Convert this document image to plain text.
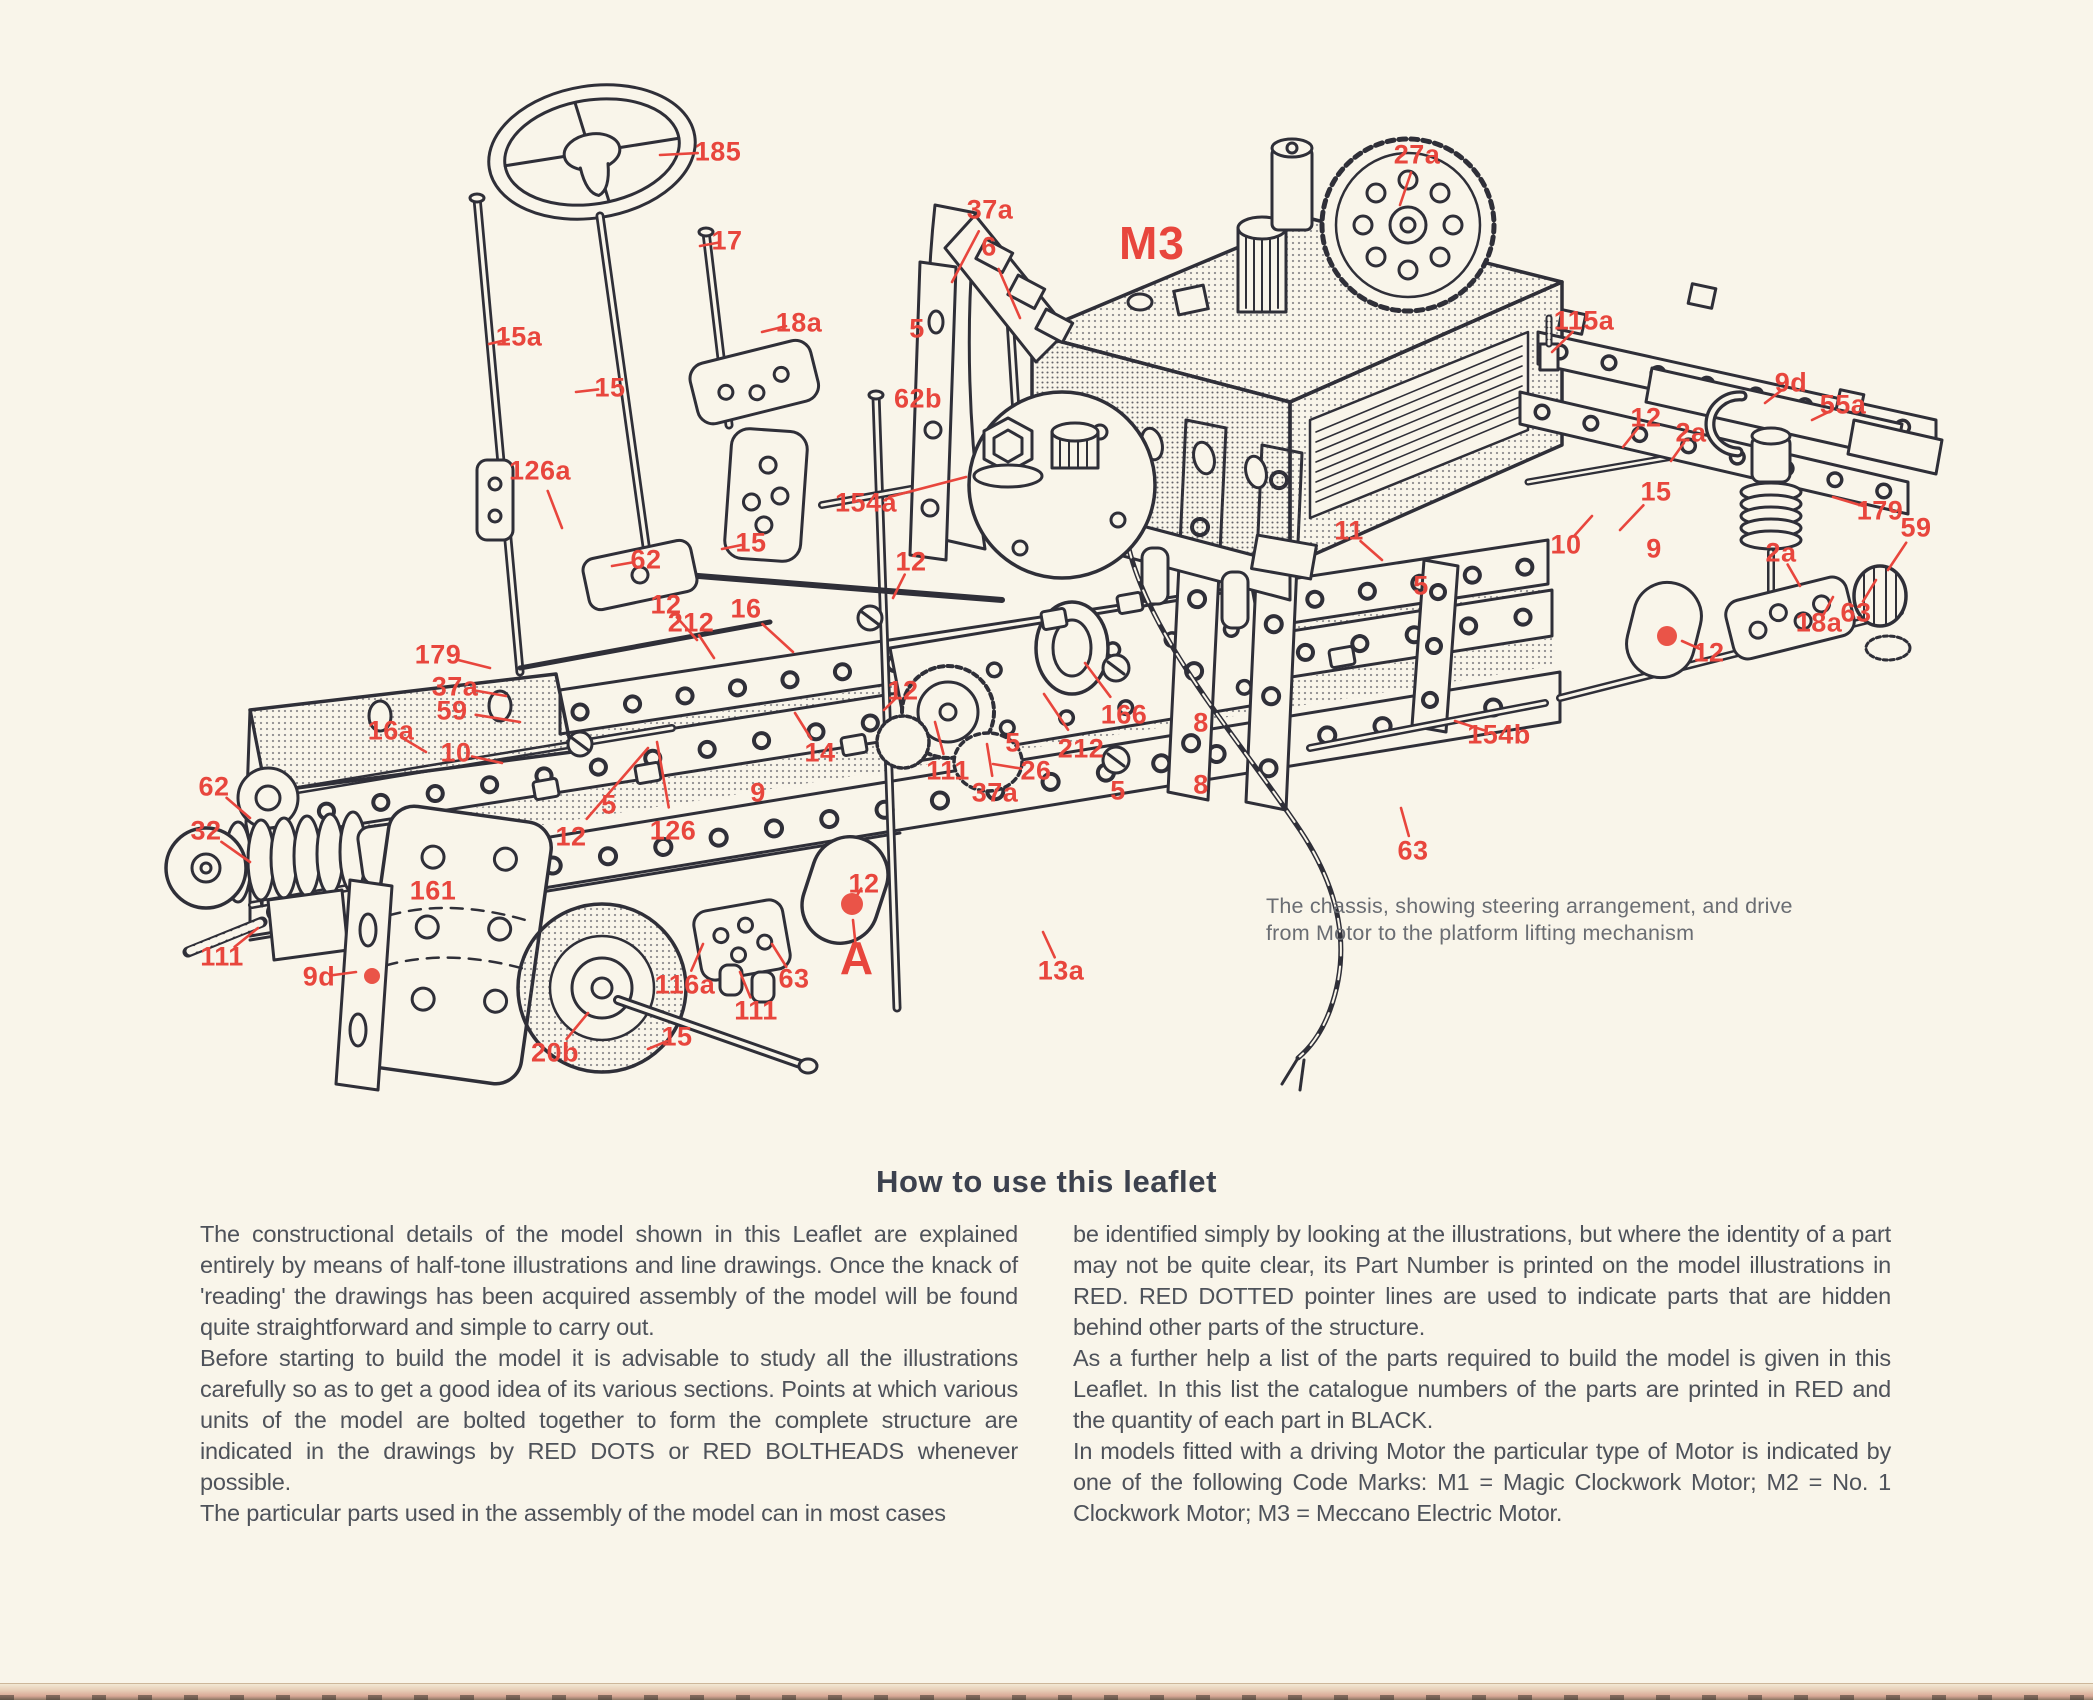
185
17
15a
15
18a
37a
6	M3
27a
5
62b
115a
9d
55a
126a
154a
62
15
12
12 2a
179
59
11	10
15
9
5
2a
18a
63
12
179
37a
59
16a
10
62
32
5
12 126
161
111
9d
14
111
37a
9
166 8
212
26
5
5 8
154b
63
13a
12
A
116a 63
111
20b
15
12
16
12
212
The chassis, showing steering arrangement, and drive from Motor to the platform lifting mechanism
How to use this leaflet

The constructional details of the model shown in this Leaflet are explained entirely by means of half-tone illustrations and line drawings. Once the knack of 'reading' the drawings has been acquired assembly of the model will be found quite straightforward and simple to carry out.

Before starting to build the model it is advisable to study all the illustrations carefully so as to get a good idea of its various sections. Points at which various units of the model are bolted together to form the complete structure are indicated in the drawings by RED DOTS or RED BOLTHEADS whenever possible.

The particular parts used in the assembly of the model can in most cases

be identified simply by looking at the illustrations, but where the identity of a part may not be quite clear, its Part Number is printed on the model illustrations in RED. RED DOTTED pointer lines are used to indicate parts that are hidden behind other parts of the structure.

As a further help a list of the parts required to build the model is given in this Leaflet. In this list the catalogue numbers of the parts are printed in RED and the quantity of each part in BLACK.

In models fitted with a driving Motor the particular type of Motor is indicated by one of the following Code Marks: M1 = Magic Clockwork Motor; M2 = No. 1 Clockwork Motor; M3 = Meccano Electric Motor.
